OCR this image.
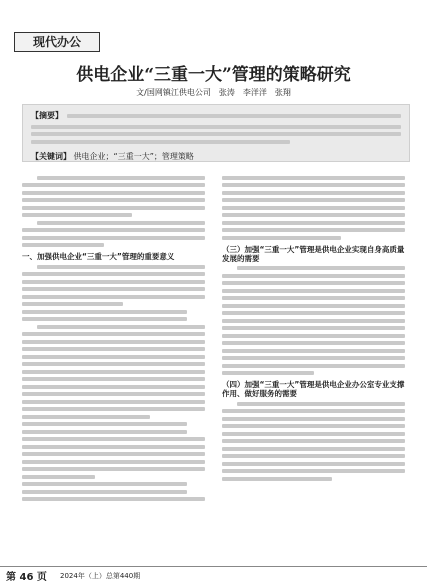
现代办公
供电企业“三重一大”管理的策略研究
文/国网镇江供电公司　张涛　李洋洋　张翔
【摘要】
【关键词】 供电企业；“三重一大”；管理策略
一、加强供电企业“三重一大”管理的重要意义
（三）加强“三重一大”管理是供电企业实现自身高质量发展的需要
（四）加强“三重一大”管理是供电企业办公室专业支撑作用、做好服务的需要
第 46 页 2024年（上）总第440期
